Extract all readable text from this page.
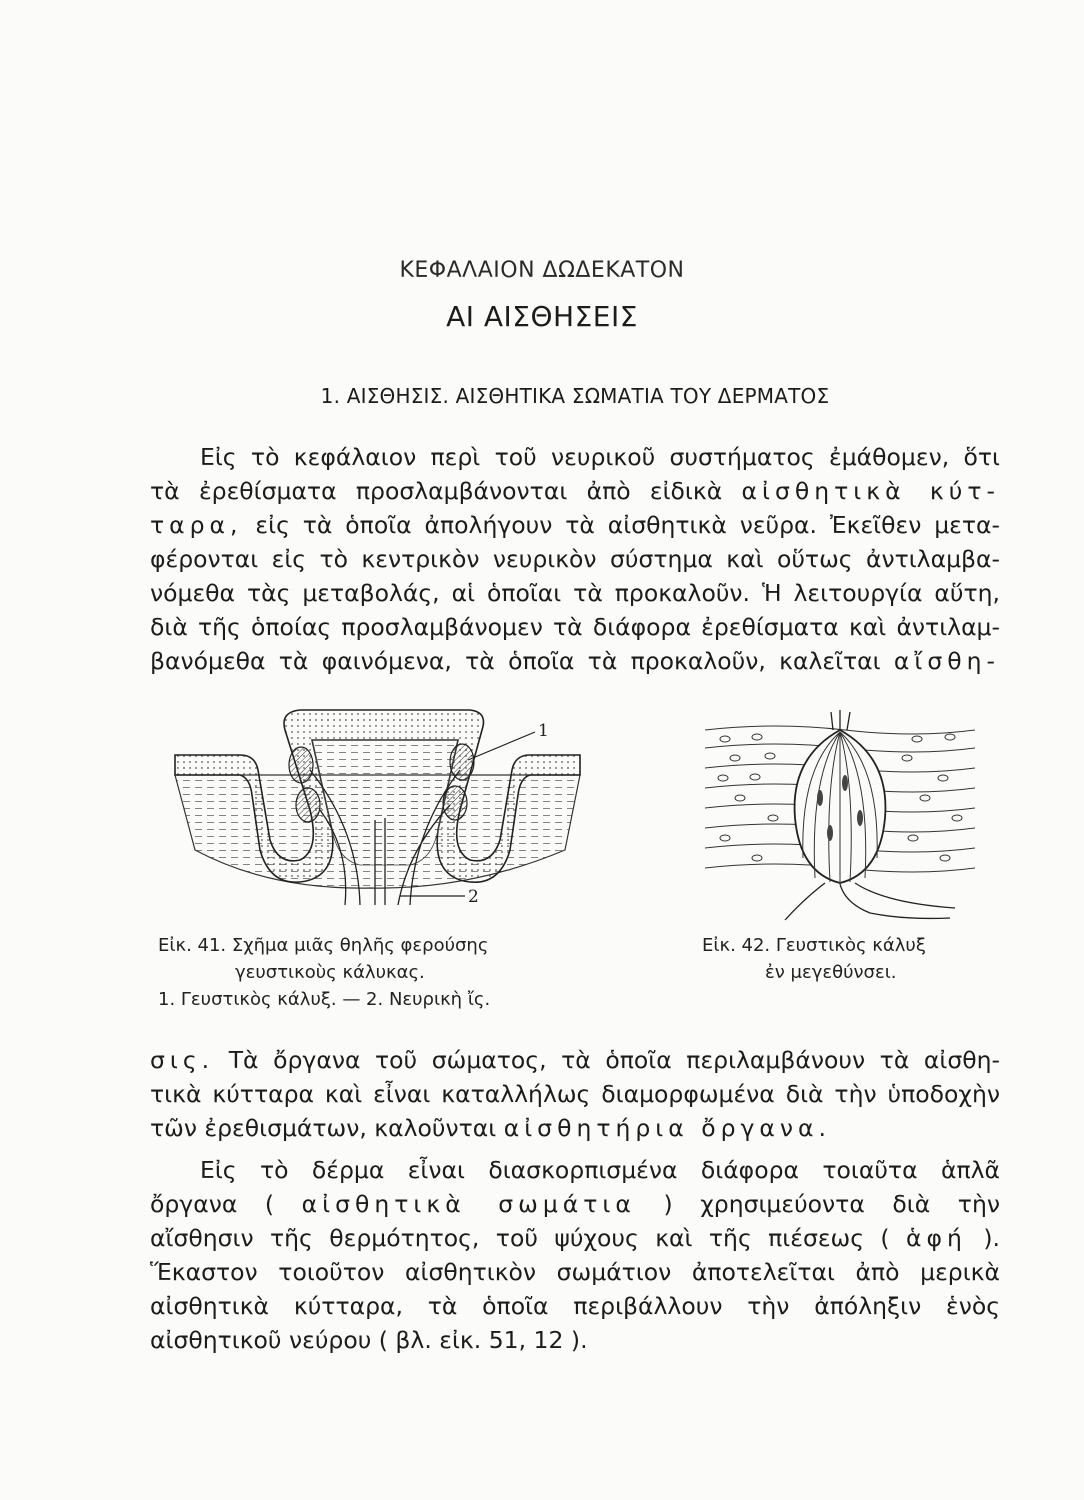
ΚΕΦΑΛΑΙΟΝ ΔΩΔΕΚΑΤΟΝ
ΑΙ ΑΙΣΘΗΣΕΙΣ
1. ΑΙΣΘΗΣΙΣ. ΑΙΣΘΗΤΙΚΑ ΣΩΜΑΤΙΑ ΤΟΥ ΔΕΡΜΑΤΟΣ
Εἰς τὸ κεφάλαιον περὶ τοῦ νευρικοῦ συστήματος ἐμάθομεν, ὅτι
τὰ ἐρεθίσματα προσλαμβάνονται ἀπὸ εἰδικὰ αἰσθητικὰ κύτ-
ταρα, εἰς τὰ ὁποῖα ἀπολήγουν τὰ αἰσθητικὰ νεῦρα. Ἐκεῖθεν μετα-
φέρονται εἰς τὸ κεντρικὸν νευρικὸν σύστημα καὶ οὕτως ἀντιλαμβα-
νόμεθα τὰς μεταβολάς, αἱ ὁποῖαι τὰ προκαλοῦν. Ἡ λειτουργία αὕτη,
διὰ τῆς ὁποίας προσλαμβάνομεν τὰ διάφορα ἐρεθίσματα καὶ ἀντιλαμ-
βανόμεθα τὰ φαινόμενα, τὰ ὁποῖα τὰ προκαλοῦν, καλεῖται αἴσθη-
1
2
Εἰκ. 41. Σχῆμα μιᾶς θηλῆς φερούσης
γευστικοὺς κάλυκας.
1. Γευστικὸς κάλυξ. — 2. Νευρικὴ ἴς.
Εἰκ. 42. Γευστικὸς κάλυξ
ἐν μεγεθύνσει.
σις. Τὰ ὄργανα τοῦ σώματος, τὰ ὁποῖα περιλαμβάνουν τὰ αἰσθη-
τικὰ κύτταρα καὶ εἶναι καταλλήλως διαμορφωμένα διὰ τὴν ὑποδοχὴν
τῶν ἐρεθισμάτων, καλοῦνται αἰσθητήρια ὄργανα.
Εἰς τὸ δέρμα εἶναι διασκορπισμένα διάφορα τοιαῦτα ἁπλᾶ
ὄργανα ( αἰσθητικὰ σωμάτια ) χρησιμεύοντα διὰ τὴν
αἴσθησιν τῆς θερμότητος, τοῦ ψύχους καὶ τῆς πιέσεως ( ἁφή ).
Ἕκαστον τοιοῦτον αἰσθητικὸν σωμάτιον ἀποτελεῖται ἀπὸ μερικὰ
αἰσθητικὰ κύτταρα, τὰ ὁποῖα περιβάλλουν τὴν ἀπόληξιν ἑνὸς
αἰσθητικοῦ νεύρου ( βλ. εἰκ. 51, 12 ).
